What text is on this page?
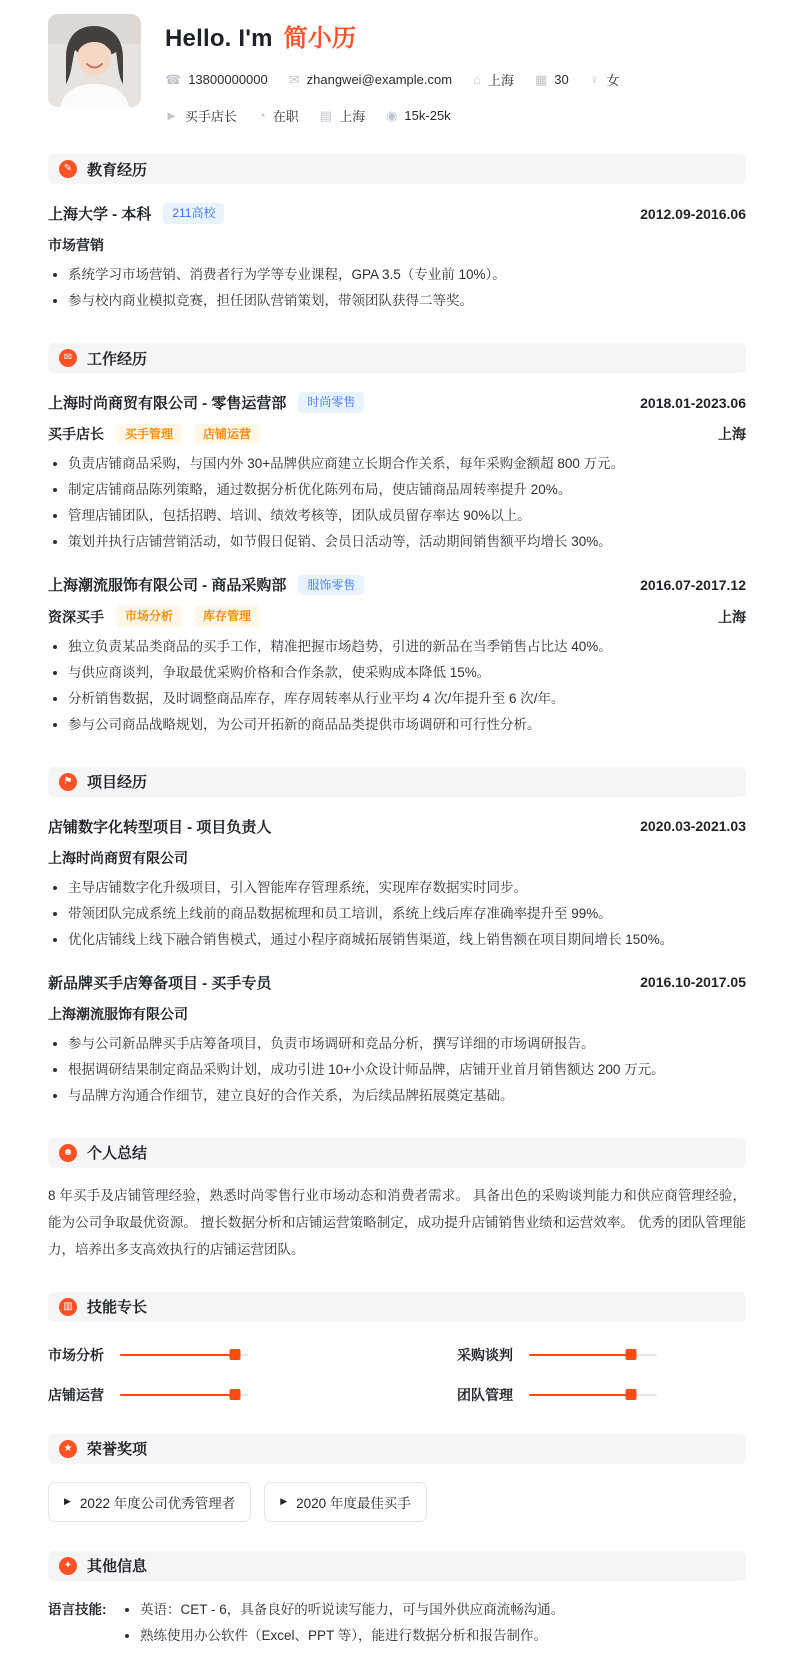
Hello. I'm 简小历
☎ 13800000000 ✉ zhangwei@example.com ⌂ 上海 ▦ 30 ♀ 女
► 买手店长 ◔ 在职 ▤ 上海 ◉ 15k-25k
✎ 教育经历
上海大学 - 本科	211高校	2012.09-2016.06
市场营销
系统学习市场营销、消费者行为学等专业课程，GPA 3.5（专业前 10%）。
参与校内商业模拟竞赛，担任团队营销策划，带领团队获得二等奖。
✉ 工作经历
上海时尚商贸有限公司 - 零售运营部	时尚零售	2018.01-2023.06
买手店长	买手管理	店铺运营	上海
负责店铺商品采购，与国内外 30+品牌供应商建立长期合作关系，每年采购金额超 800 万元。
制定店铺商品陈列策略，通过数据分析优化陈列布局，使店铺商品周转率提升 20%。
管理店铺团队，包括招聘、培训、绩效考核等，团队成员留存率达 90%以上。
策划并执行店铺营销活动，如节假日促销、会员日活动等，活动期间销售额平均增长 30%。
上海潮流服饰有限公司 - 商品采购部	服饰零售	2016.07-2017.12
资深买手	市场分析	库存管理	上海
独立负责某品类商品的买手工作，精准把握市场趋势，引进的新品在当季销售占比达 40%。
与供应商谈判，争取最优采购价格和合作条款，使采购成本降低 15%。
分析销售数据，及时调整商品库存，库存周转率从行业平均 4 次/年提升至 6 次/年。
参与公司商品战略规划，为公司开拓新的商品品类提供市场调研和可行性分析。
⚑ 项目经历
店铺数字化转型项目 - 项目负责人	2020.03-2021.03
上海时尚商贸有限公司
主导店铺数字化升级项目，引入智能库存管理系统，实现库存数据实时同步。
带领团队完成系统上线前的商品数据梳理和员工培训，系统上线后库存准确率提升至 99%。
优化店铺线上线下融合销售模式，通过小程序商城拓展销售渠道，线上销售额在项目期间增长 150%。
新品牌买手店筹备项目 - 买手专员	2016.10-2017.05
上海潮流服饰有限公司
参与公司新品牌买手店筹备项目，负责市场调研和竞品分析，撰写详细的市场调研报告。
根据调研结果制定商品采购计划，成功引进 10+小众设计师品牌，店铺开业首月销售额达 200 万元。
与品牌方沟通合作细节，建立良好的合作关系，为后续品牌拓展奠定基础。
☻ 个人总结
8 年买手及店铺管理经验，熟悉时尚零售行业市场动态和消费者需求。 具备出色的采购谈判能力和供应商管理经验，能为公司争取最优资源。 擅长数据分析和店铺运营策略制定，成功提升店铺销售业绩和运营效率。 优秀的团队管理能力，培养出多支高效执行的店铺运营团队。
▥ 技能专长
市场分析	采购谈判
店铺运营	团队管理
★ 荣誉奖项
▶ 2022 年度公司优秀管理者	▶ 2020 年度最佳买手
✦ 其他信息
语言技能:	英语：CET - 6，具备良好的听说读写能力，可与国外供应商流畅沟通。
熟练使用办公软件（Excel、PPT 等），能进行数据分析和报告制作。
